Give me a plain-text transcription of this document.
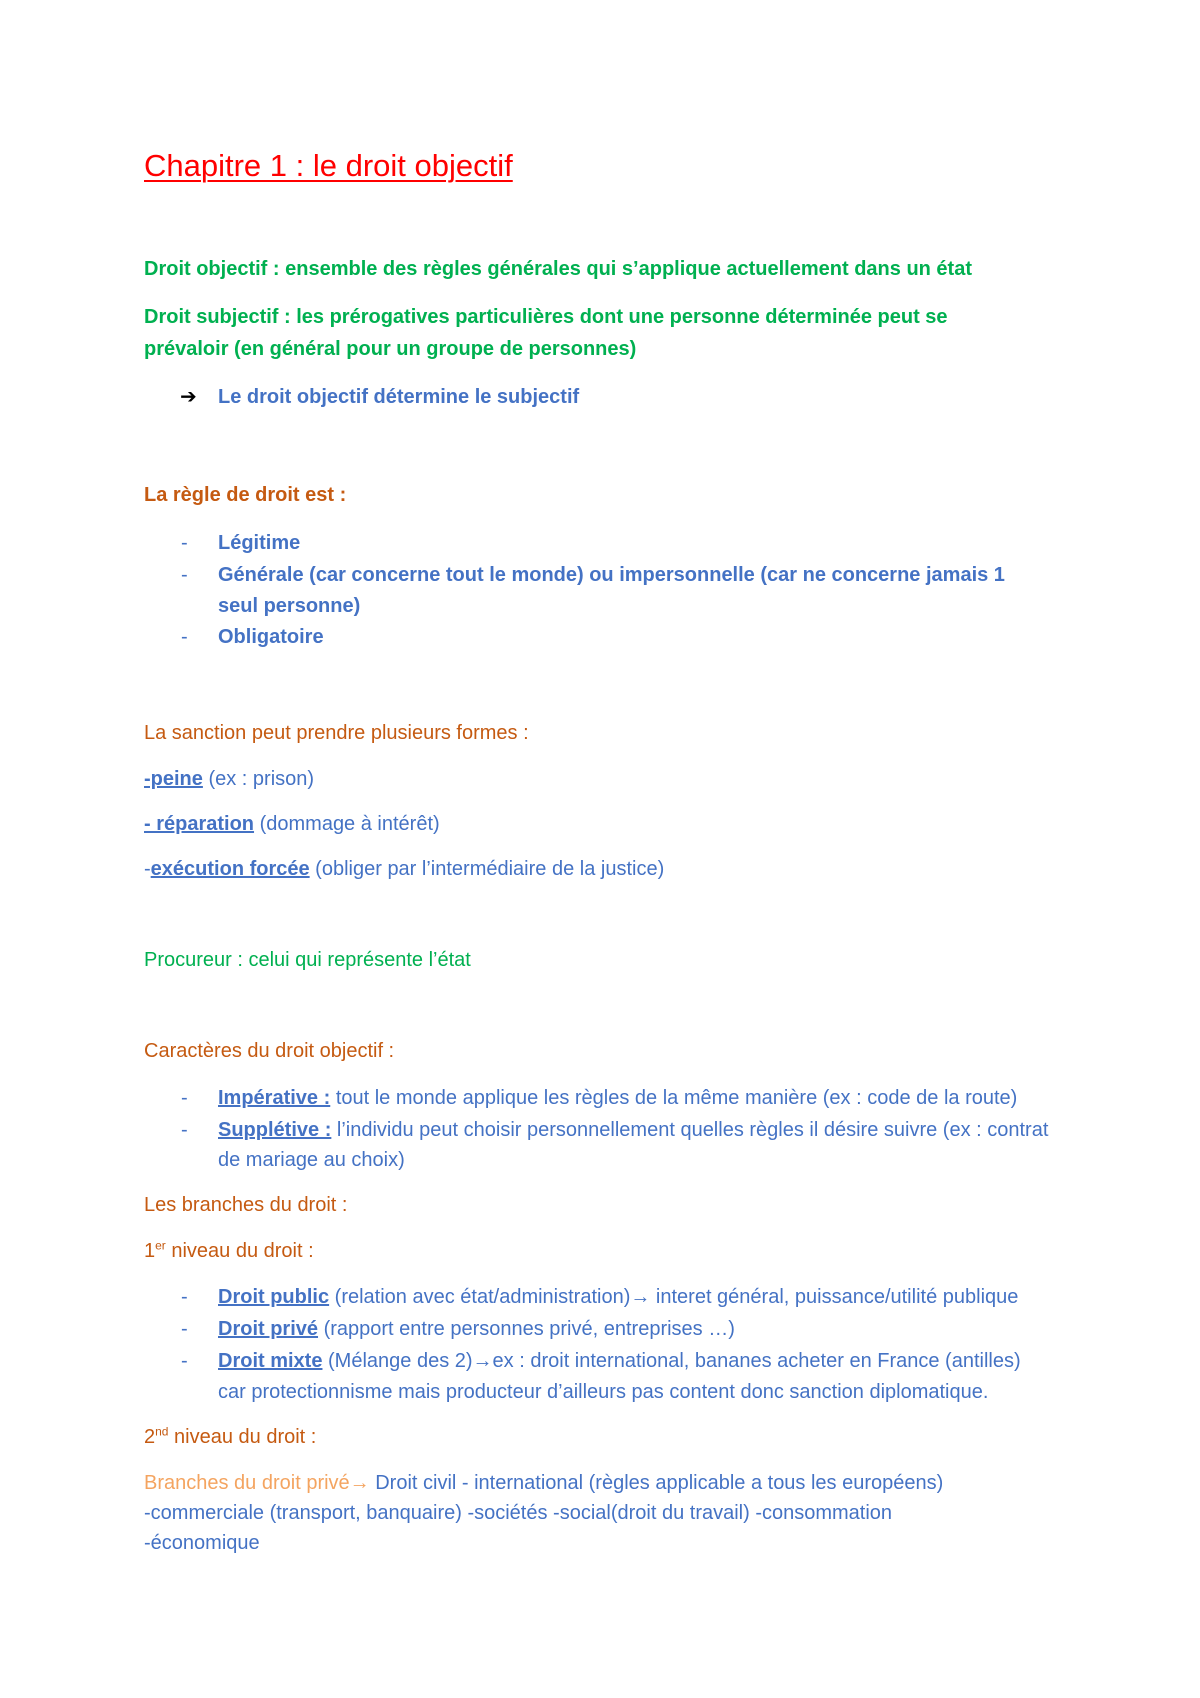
Chapitre 1 : le droit objectif
Droit objectif : ensemble des règles générales qui s’applique actuellement dans un état
Droit subjectif : les prérogatives particulières dont une personne déterminée peut se
prévaloir (en général pour un groupe de personnes)
➔ Le droit objectif détermine le subjectif
La règle de droit est :
- Légitime
- Générale (car concerne tout le monde) ou impersonnelle (car ne concerne jamais 1
seul personne)
- Obligatoire
La sanction peut prendre plusieurs formes :
-peine (ex : prison)
- réparation (dommage à intérêt)
-exécution forcée (obliger par l’intermédiaire de la justice)
Procureur : celui qui représente l’état
Caractères du droit objectif :
- Impérative : tout le monde applique les règles de la même manière (ex : code de la route)
- Supplétive : l’individu peut choisir personnellement quelles règles il désire suivre (ex : contrat
de mariage au choix)
Les branches du droit :
1er niveau du droit :
- Droit public (relation avec état/administration)→ interet général, puissance/utilité publique
- Droit privé (rapport entre personnes privé, entreprises …)
- Droit mixte (Mélange des 2)→ex : droit international, bananes acheter en France (antilles)
car protectionnisme mais producteur d’ailleurs pas content donc sanction diplomatique.
2nd niveau du droit :
Branches du droit privé→ Droit civil - international (règles applicable a tous les européens)
-commerciale (transport, banquaire) -sociétés -social(droit du travail) -consommation
-économique
